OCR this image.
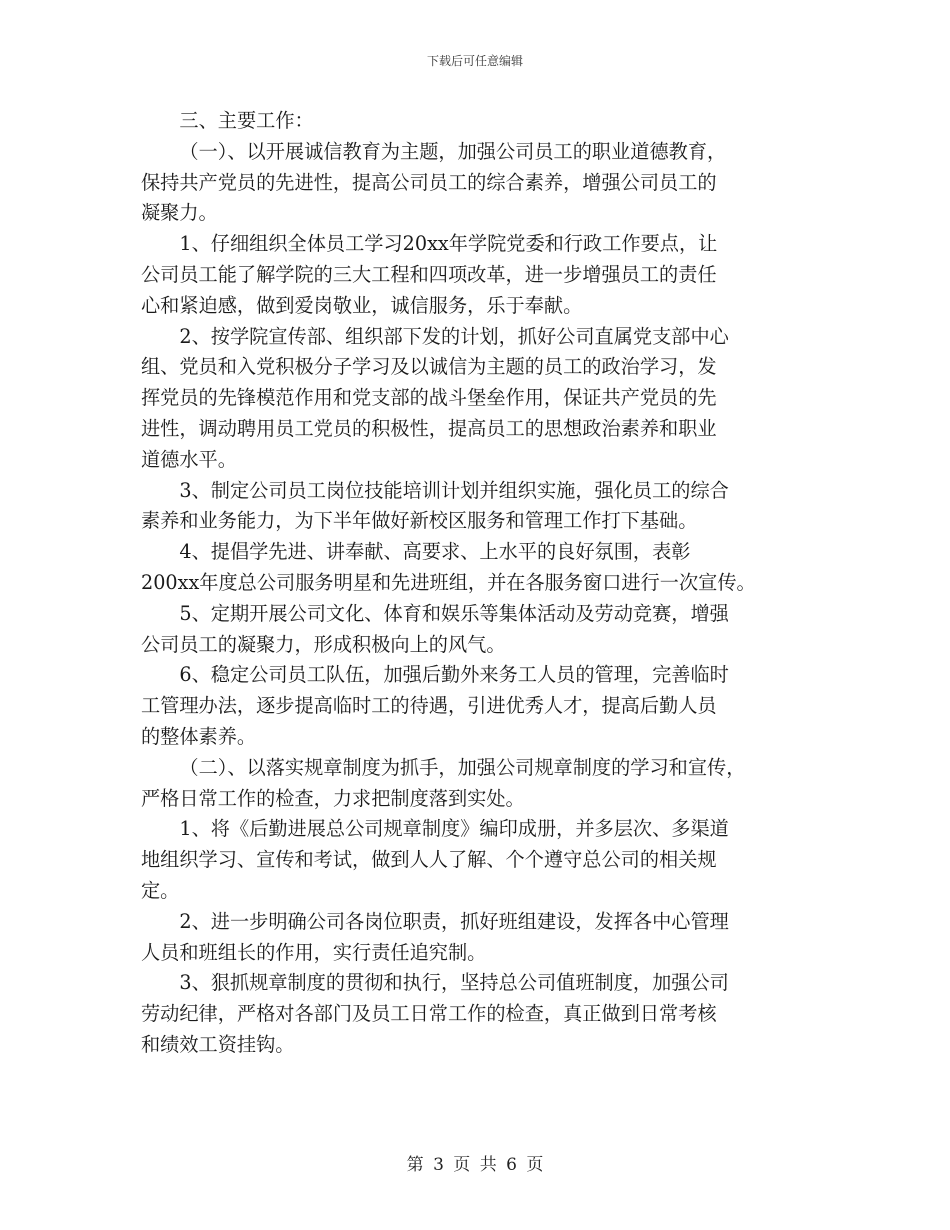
下载后可任意编辑

三、主要工作：

（一）、以开展诚信教育为主题，加强公司员工的职业道德教育，
保持共产党员的先进性，提高公司员工的综合素养，增强公司员工的
凝聚力。

1、仔细组织全体员工学习20xx年学院党委和行政工作要点，让
公司员工能了解学院的三大工程和四项改革，进一步增强员工的责任
心和紧迫感，做到爱岗敬业，诚信服务，乐于奉献。

2、按学院宣传部、组织部下发的计划，抓好公司直属党支部中心
组、党员和入党积极分子学习及以诚信为主题的员工的政治学习，发
挥党员的先锋模范作用和党支部的战斗堡垒作用，保证共产党员的先
进性，调动聘用员工党员的积极性，提高员工的思想政治素养和职业
道德水平。

3、制定公司员工岗位技能培训计划并组织实施，强化员工的综合
素养和业务能力，为下半年做好新校区服务和管理工作打下基础。

4、提倡学先进、讲奉献、高要求、上水平的良好氛围，表彰
200xx年度总公司服务明星和先进班组，并在各服务窗口进行一次宣传。

5、定期开展公司文化、体育和娱乐等集体活动及劳动竞赛，增强
公司员工的凝聚力，形成积极向上的风气。

6、稳定公司员工队伍，加强后勤外来务工人员的管理，完善临时
工管理办法，逐步提高临时工的待遇，引进优秀人才，提高后勤人员
的整体素养。

（二）、以落实规章制度为抓手，加强公司规章制度的学习和宣传，
严格日常工作的检查，力求把制度落到实处。

1、将《后勤进展总公司规章制度》编印成册，并多层次、多渠道
地组织学习、宣传和考试，做到人人了解、个个遵守总公司的相关规
定。

2、进一步明确公司各岗位职责，抓好班组建设，发挥各中心管理
人员和班组长的作用，实行责任追究制。

3、狠抓规章制度的贯彻和执行，坚持总公司值班制度，加强公司
劳动纪律，严格对各部门及员工日常工作的检查，真正做到日常考核
和绩效工资挂钩。

第 3 页 共 6 页
